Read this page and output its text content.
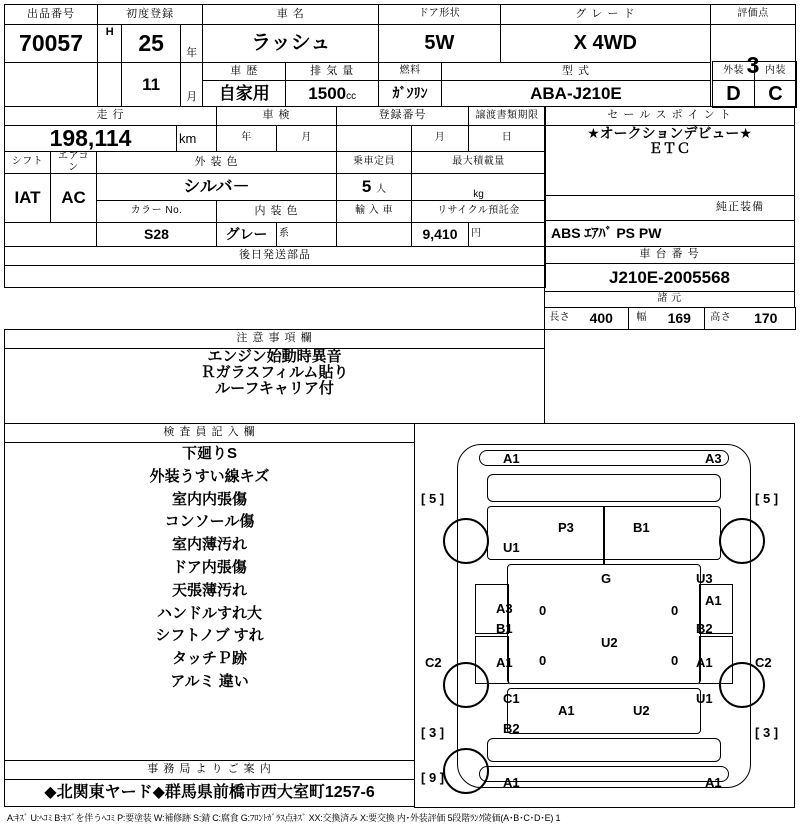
出品番号	初度登録			車 名		ドア形状		グ レ ー ド	評価点
70057	H	25	年	ラッシュ		5W		X 4WD	3
		11	月	車 歴	排 気 量	燃料	型 式		
				自家用	1500cc	ｶﾞｿﾘﾝ	ABA-J210E		

外装	内装
D	C
走 行		車 検		登録番号		譲渡書類期限
198,114	km	年	月		月	日
シフト	エアコン	外 装 色			乗車定員	最大積載量	
IAT	AC	シルバ－			5 人	kg	
		カラー No.	内 装 色		輸 入 車	リサイクル預託金	
		S28	グレー	系		9,410	円
後日発送部品							

セ ー ル ス ポ イ ン ト

★オークションデビュー★
ＥＴＣ

純正装備
ABS ｴｱﾊﾞ PS PW
車 台 番 号
J210E-2005568
諸 元
長さ	400	幅	169	高さ	170
注 意 事 項 欄

エンジン始動時異音
Ｒガラスフィルム貼り
ルーフキャリア付
検 査 員 記 入 欄

下廻りS
外装うすい線キズ
室内内張傷
コンソール傷
室内薄汚れ
ドア内張傷
天張薄汚れ
ハンドルすれ大
シフトノブ すれ
タッチＰ跡
アルミ 違い

事 務 局 よ り ご 案 内
◆北関東ヤード◆群馬県前橋市西大室町1257-6
A1	A3
[ 5 ]	[ 5 ]
P3	B1
U1
G	U3
A3
A1
B1	B2
0	0
U2
C2	C2
A1	A1
0	0
C1	U1
A1	U2
[ 3 ]	[ 3 ]
B2
A1	A1
[ 9 ]
A:ｷｽﾞ U:ﾍｺﾐ B:ｷｽﾞを伴うﾍｺﾐ P:要塗装 W:補修跡 S:錆 C:腐食 G:ﾌﾛﾝﾄｶﾞﾗｽ点ｷｽﾞ XX:交換済み X:要交換 内･外装評価 5段階ﾗﾝｸ陵価(A･B･C･D･E) 1
